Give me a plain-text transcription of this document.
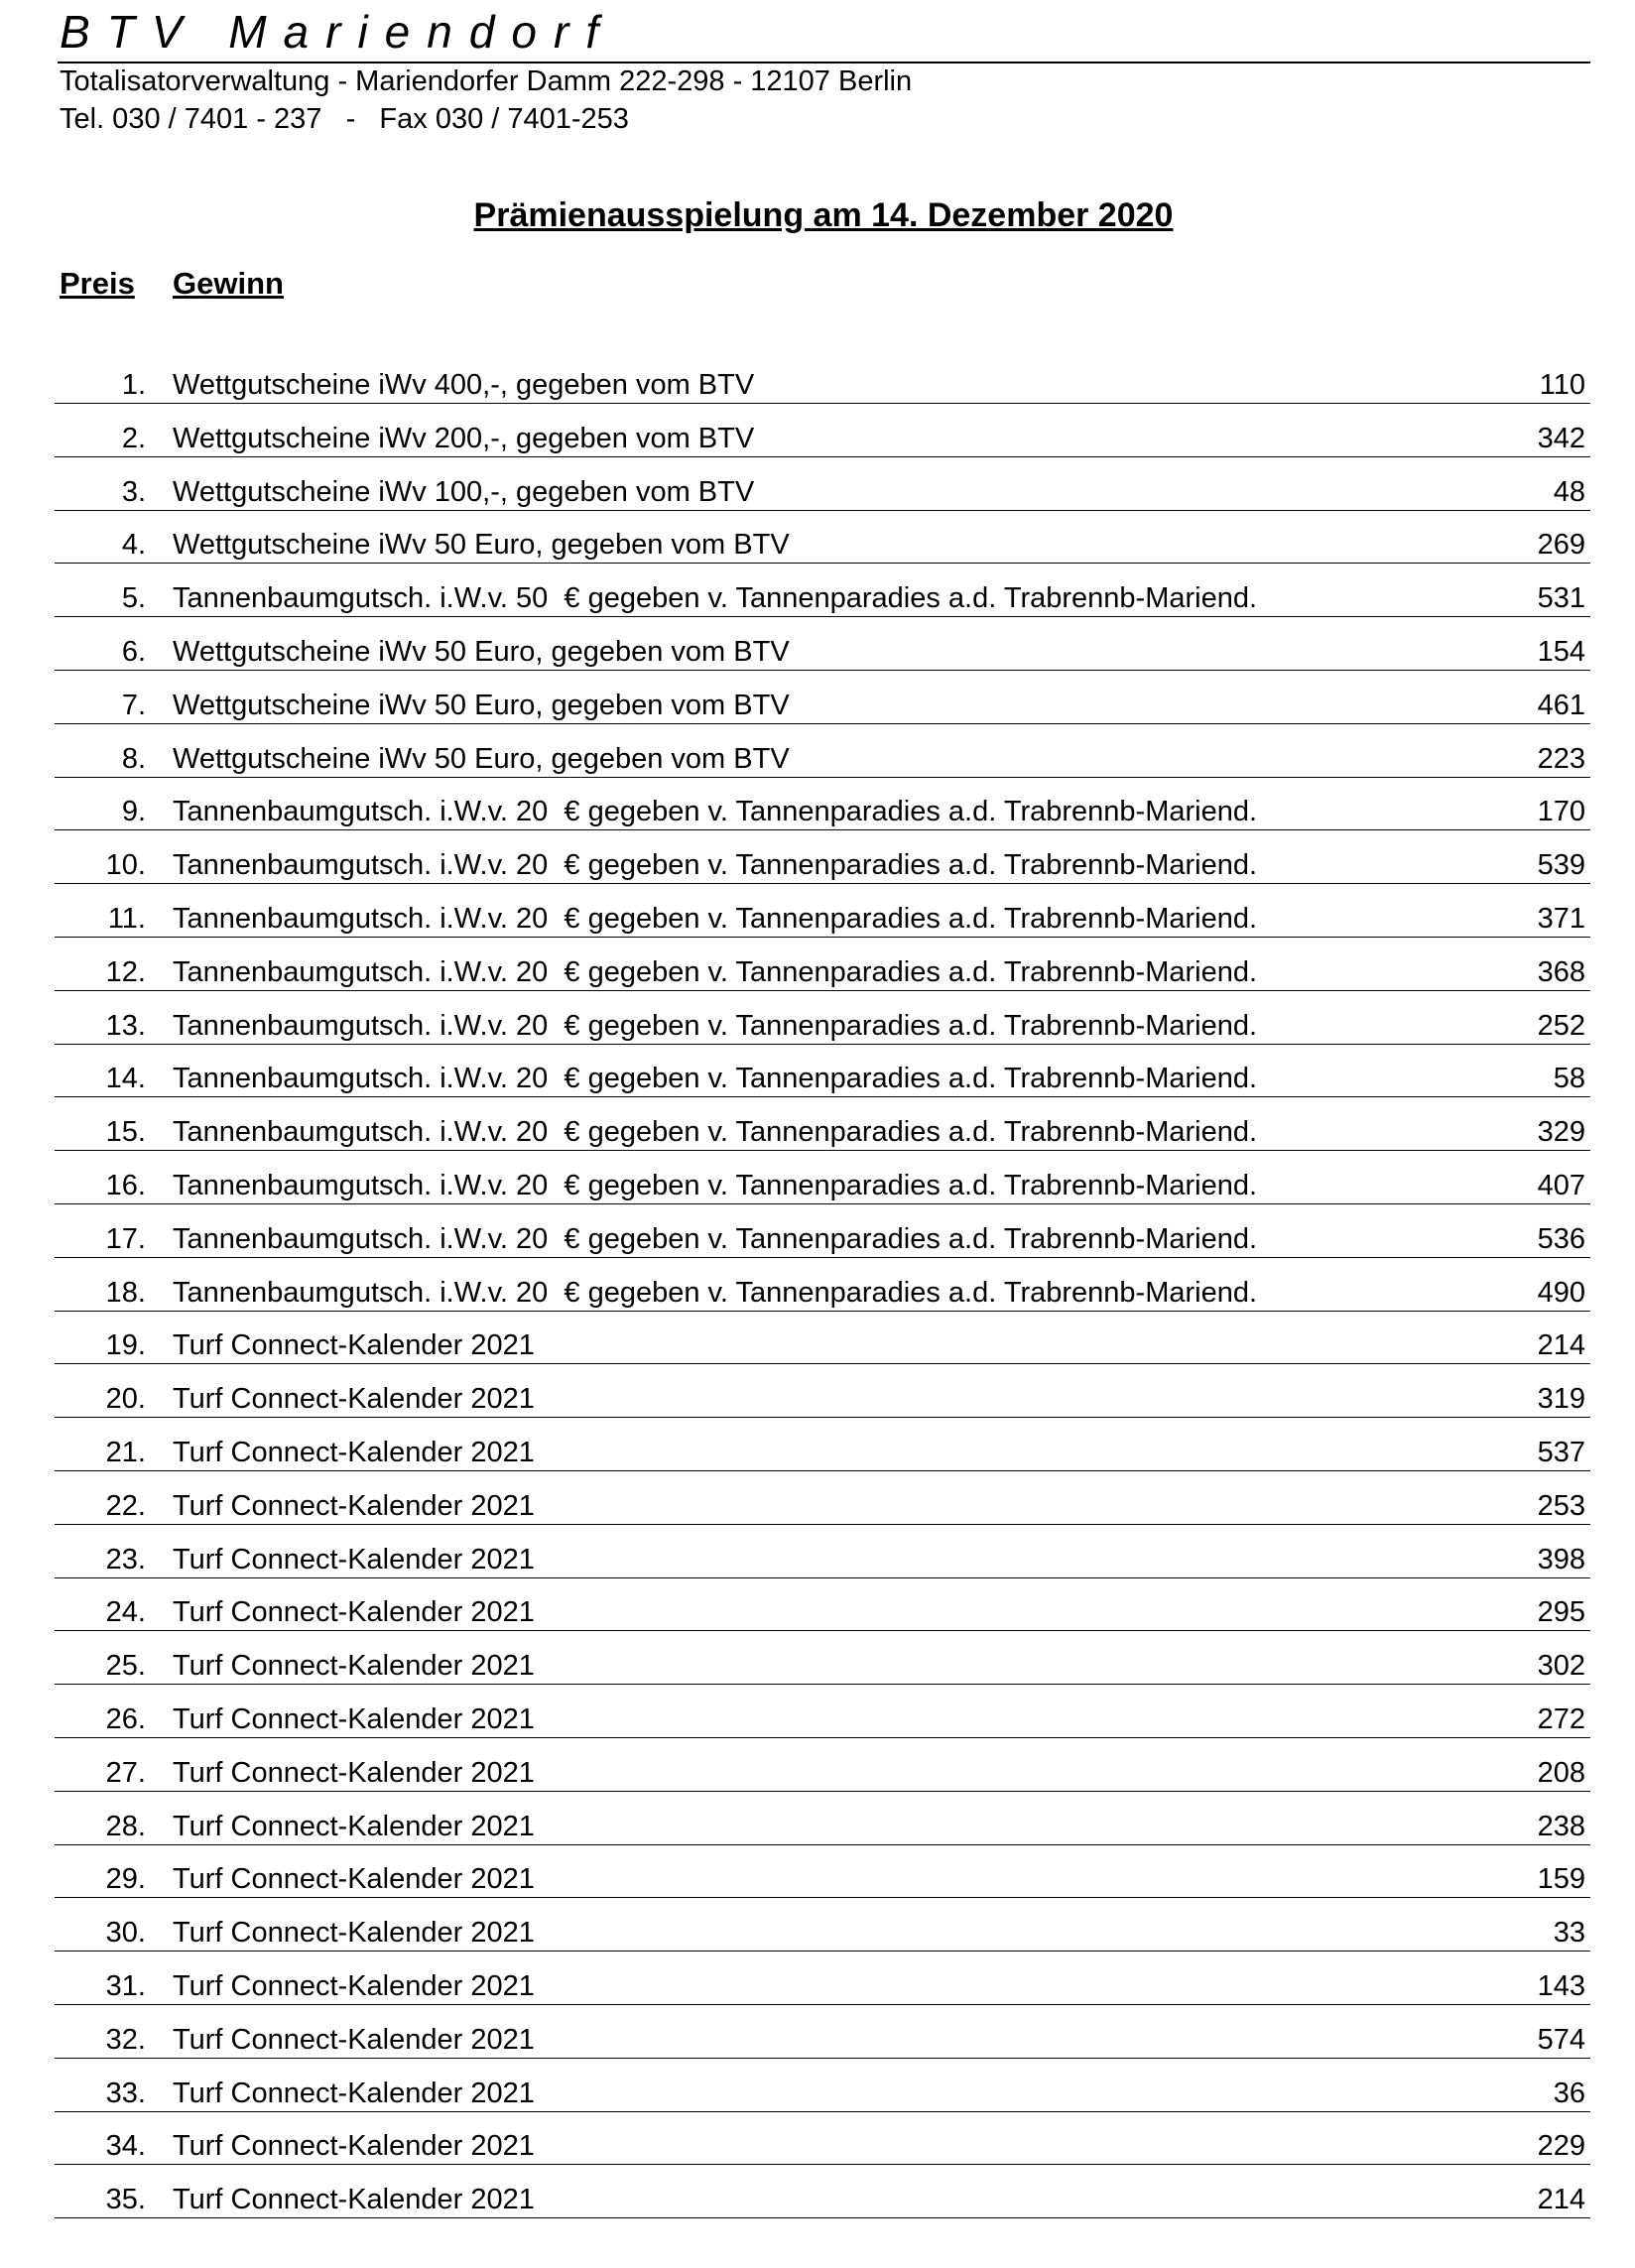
BTV Mariendorf
Totalisatorverwaltung - Mariendorfer Damm 222-298 - 12107 Berlin
Tel. 030 / 7401 - 237   -   Fax 030 / 7401-253
Prämienausspielung am 14. Dezember 2020
Preis Gewinn
1. Wettgutscheine iWv 400,-, gegeben vom BTV	110
2. Wettgutscheine iWv 200,-, gegeben vom BTV	342
3. Wettgutscheine iWv 100,-, gegeben vom BTV	48
4. Wettgutscheine iWv 50 Euro, gegeben vom BTV	269
5. Tannenbaumgutsch. i.W.v. 50  € gegeben v. Tannenparadies a.d. Trabrennb-Mariend.	531
6. Wettgutscheine iWv 50 Euro, gegeben vom BTV	154
7. Wettgutscheine iWv 50 Euro, gegeben vom BTV	461
8. Wettgutscheine iWv 50 Euro, gegeben vom BTV	223
9. Tannenbaumgutsch. i.W.v. 20  € gegeben v. Tannenparadies a.d. Trabrennb-Mariend.	170
10. Tannenbaumgutsch. i.W.v. 20  € gegeben v. Tannenparadies a.d. Trabrennb-Mariend.	539
11. Tannenbaumgutsch. i.W.v. 20  € gegeben v. Tannenparadies a.d. Trabrennb-Mariend.	371
12. Tannenbaumgutsch. i.W.v. 20  € gegeben v. Tannenparadies a.d. Trabrennb-Mariend.	368
13. Tannenbaumgutsch. i.W.v. 20  € gegeben v. Tannenparadies a.d. Trabrennb-Mariend.	252
14. Tannenbaumgutsch. i.W.v. 20  € gegeben v. Tannenparadies a.d. Trabrennb-Mariend.	58
15. Tannenbaumgutsch. i.W.v. 20  € gegeben v. Tannenparadies a.d. Trabrennb-Mariend.	329
16. Tannenbaumgutsch. i.W.v. 20  € gegeben v. Tannenparadies a.d. Trabrennb-Mariend.	407
17. Tannenbaumgutsch. i.W.v. 20  € gegeben v. Tannenparadies a.d. Trabrennb-Mariend.	536
18. Tannenbaumgutsch. i.W.v. 20  € gegeben v. Tannenparadies a.d. Trabrennb-Mariend.	490
19. Turf Connect-Kalender 2021	214
20. Turf Connect-Kalender 2021	319
21. Turf Connect-Kalender 2021	537
22. Turf Connect-Kalender 2021	253
23. Turf Connect-Kalender 2021	398
24. Turf Connect-Kalender 2021	295
25. Turf Connect-Kalender 2021	302
26. Turf Connect-Kalender 2021	272
27. Turf Connect-Kalender 2021	208
28. Turf Connect-Kalender 2021	238
29. Turf Connect-Kalender 2021	159
30. Turf Connect-Kalender 2021	33
31. Turf Connect-Kalender 2021	143
32. Turf Connect-Kalender 2021	574
33. Turf Connect-Kalender 2021	36
34. Turf Connect-Kalender 2021	229
35. Turf Connect-Kalender 2021	214
